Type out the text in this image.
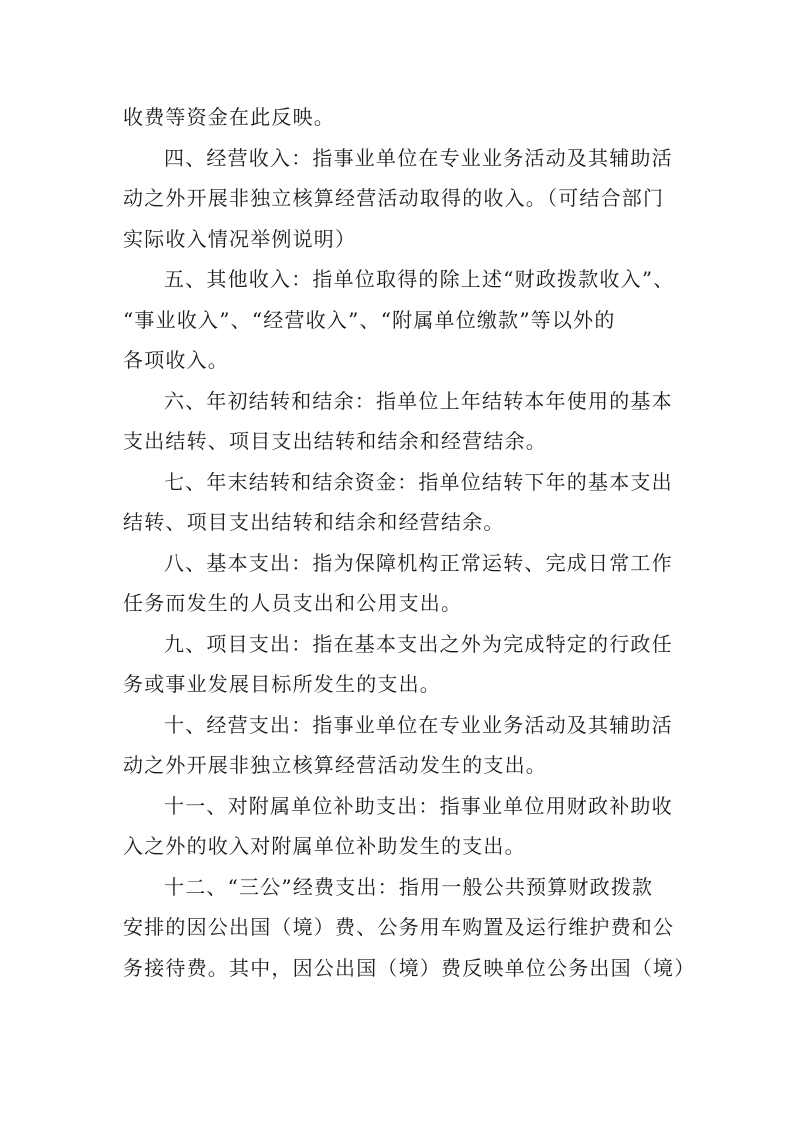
收费等资金在此反映。
四、经营收入：指事业单位在专业业务活动及其辅助活
动之外开展非独立核算经营活动取得的收入。（可结合部门
实际收入情况举例说明）
五、其他收入：指单位取得的除上述“财政拨款收入”、
“事业收入”、“经营收入”、“附属单位缴款”等以外的
各项收入。
六、年初结转和结余：指单位上年结转本年使用的基本
支出结转、项目支出结转和结余和经营结余。
七、年末结转和结余资金：指单位结转下年的基本支出
结转、项目支出结转和结余和经营结余。
八、基本支出：指为保障机构正常运转、完成日常工作
任务而发生的人员支出和公用支出。
九、项目支出：指在基本支出之外为完成特定的行政任
务或事业发展目标所发生的支出。
十、经营支出：指事业单位在专业业务活动及其辅助活
动之外开展非独立核算经营活动发生的支出。
十一、对附属单位补助支出：指事业单位用财政补助收
入之外的收入对附属单位补助发生的支出。
十二、“三公”经费支出：指用一般公共预算财政拨款
安排的因公出国（境）费、公务用车购置及运行维护费和公
务接待费。其中，因公出国（境）费反映单位公务出国（境）
